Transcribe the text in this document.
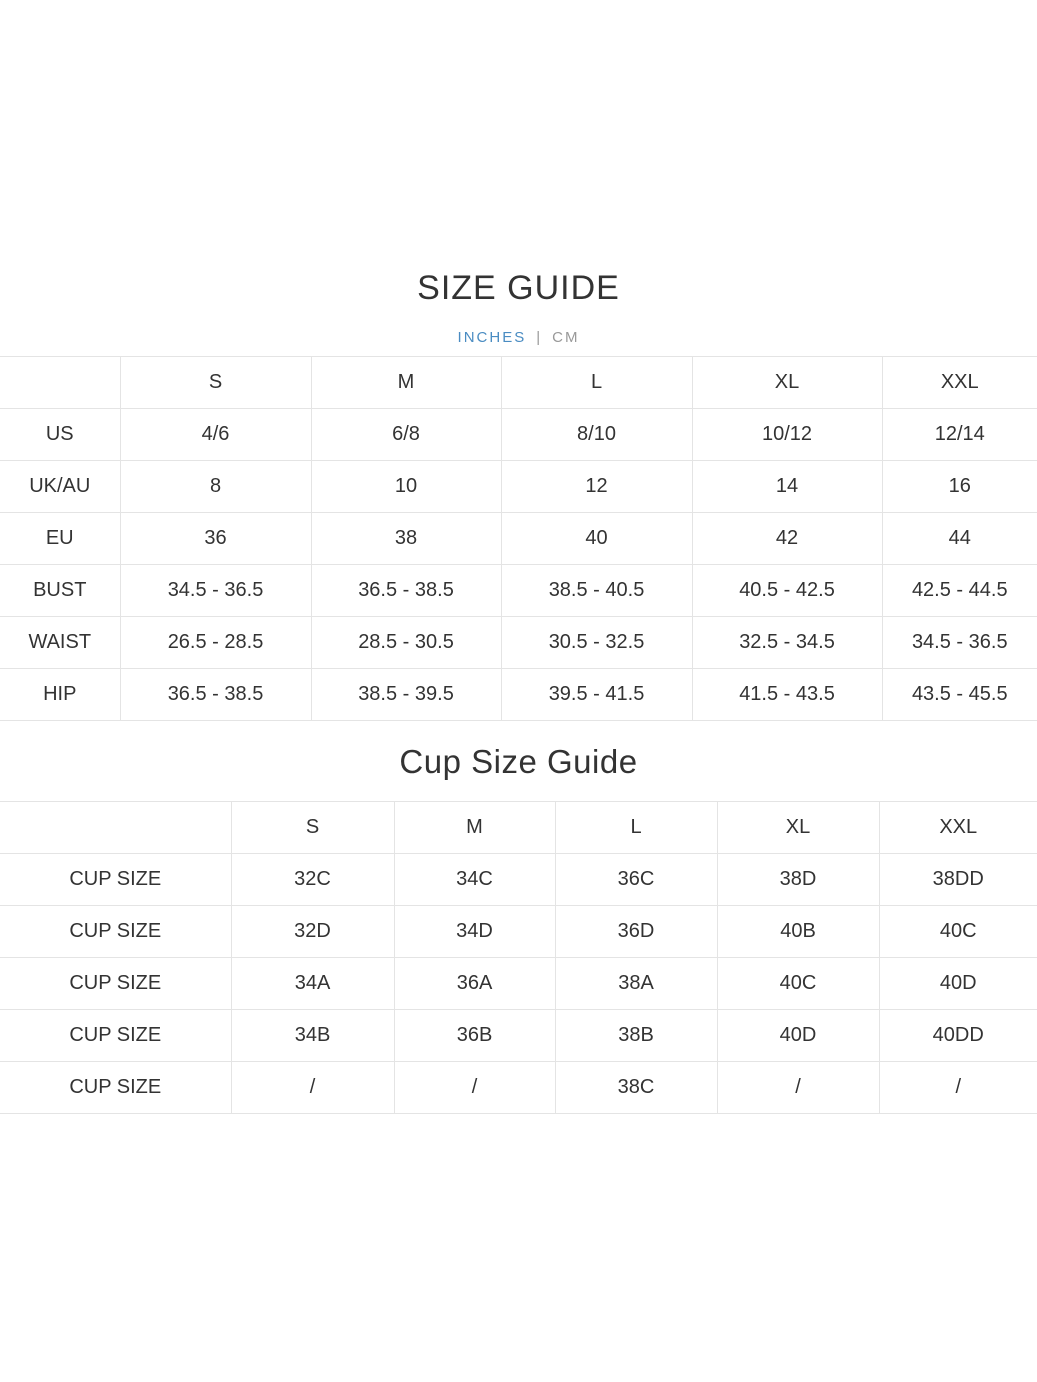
SIZE GUIDE
INCHES | CM
	S	M	L	XL	XXL
US	4/6	6/8	8/10	10/12	12/14
UK/AU	8	10	12	14	16
EU	36	38	40	42	44
BUST	34.5 - 36.5	36.5 - 38.5	38.5 - 40.5	40.5 - 42.5	42.5 - 44.5
WAIST	26.5 - 28.5	28.5 - 30.5	30.5 - 32.5	32.5 - 34.5	34.5 - 36.5
HIP	36.5 - 38.5	38.5 - 39.5	39.5 - 41.5	41.5 - 43.5	43.5 - 45.5
Cup Size Guide
	S	M	L	XL	XXL
CUP SIZE	32C	34C	36C	38D	38DD
CUP SIZE	32D	34D	36D	40B	40C
CUP SIZE	34A	36A	38A	40C	40D
CUP SIZE	34B	36B	38B	40D	40DD
CUP SIZE	/	/	38C	/	/
